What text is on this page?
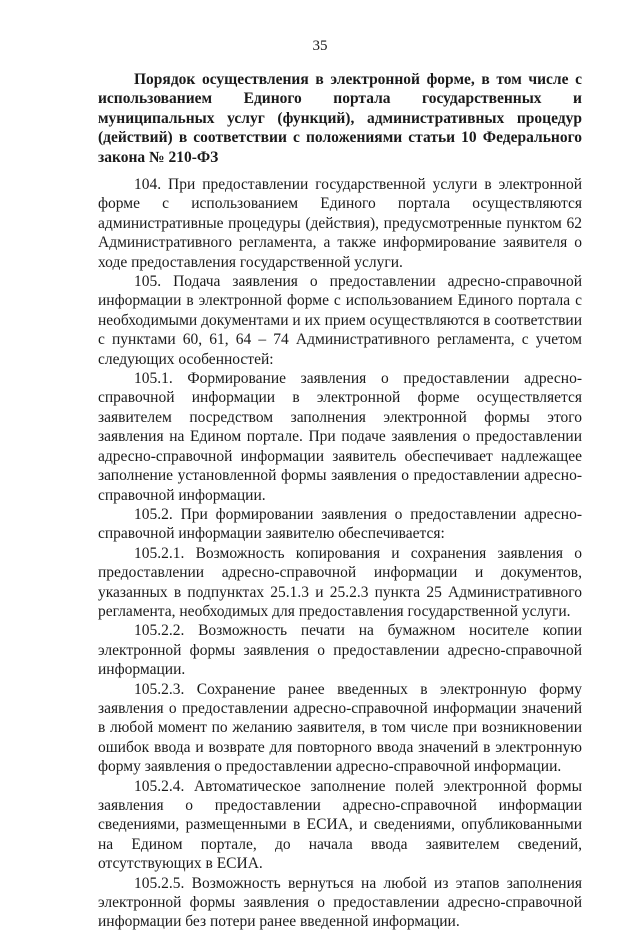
35
Порядок осуществления в электронной форме, в том числе с использованием Единого портала государственных и муниципальных услуг (функций), административных процедур (действий) в соответствии с положениями статьи 10 Федерального закона № 210-ФЗ

104. При предоставлении государственной услуги в электронной форме с использованием Единого портала осуществляются административные процедуры (действия), предусмотренные пунктом 62 Административного регламента, а также информирование заявителя о ходе предоставления государственной услуги.

105. Подача заявления о предоставлении адресно-справочной информации в электронной форме с использованием Единого портала с необходимыми документами и их прием осуществляются в соответствии с пунктами 60, 61, 64 – 74 Административного регламента, с учетом следующих особенностей:

105.1. Формирование заявления о предоставлении адресно-справочной информации в электронной форме осуществляется заявителем посредством заполнения электронной формы этого заявления на Едином портале. При подаче заявления о предоставлении адресно-справочной информации заявитель обеспечивает надлежащее заполнение установленной формы заявления о предоставлении адресно-справочной информации.

105.2. При формировании заявления о предоставлении адресно-справочной информации заявителю обеспечивается:

105.2.1. Возможность копирования и сохранения заявления о предоставлении адресно-справочной информации и документов, указанных в подпунктах 25.1.3 и 25.2.3 пункта 25 Административного регламента, необходимых для предоставления государственной услуги.

105.2.2. Возможность печати на бумажном носителе копии электронной формы заявления о предоставлении адресно-справочной информации.

105.2.3. Сохранение ранее введенных в электронную форму заявления о предоставлении адресно-справочной информации значений в любой момент по желанию заявителя, в том числе при возникновении ошибок ввода и возврате для повторного ввода значений в электронную форму заявления о предоставлении адресно-справочной информации.

105.2.4. Автоматическое заполнение полей электронной формы заявления о предоставлении адресно-справочной информации сведениями, размещенными в ЕСИА, и сведениями, опубликованными на Едином портале, до начала ввода заявителем сведений, отсутствующих в ЕСИА.

105.2.5. Возможность вернуться на любой из этапов заполнения электронной формы заявления о предоставлении адресно-справочной информации без потери ранее введенной информации.
